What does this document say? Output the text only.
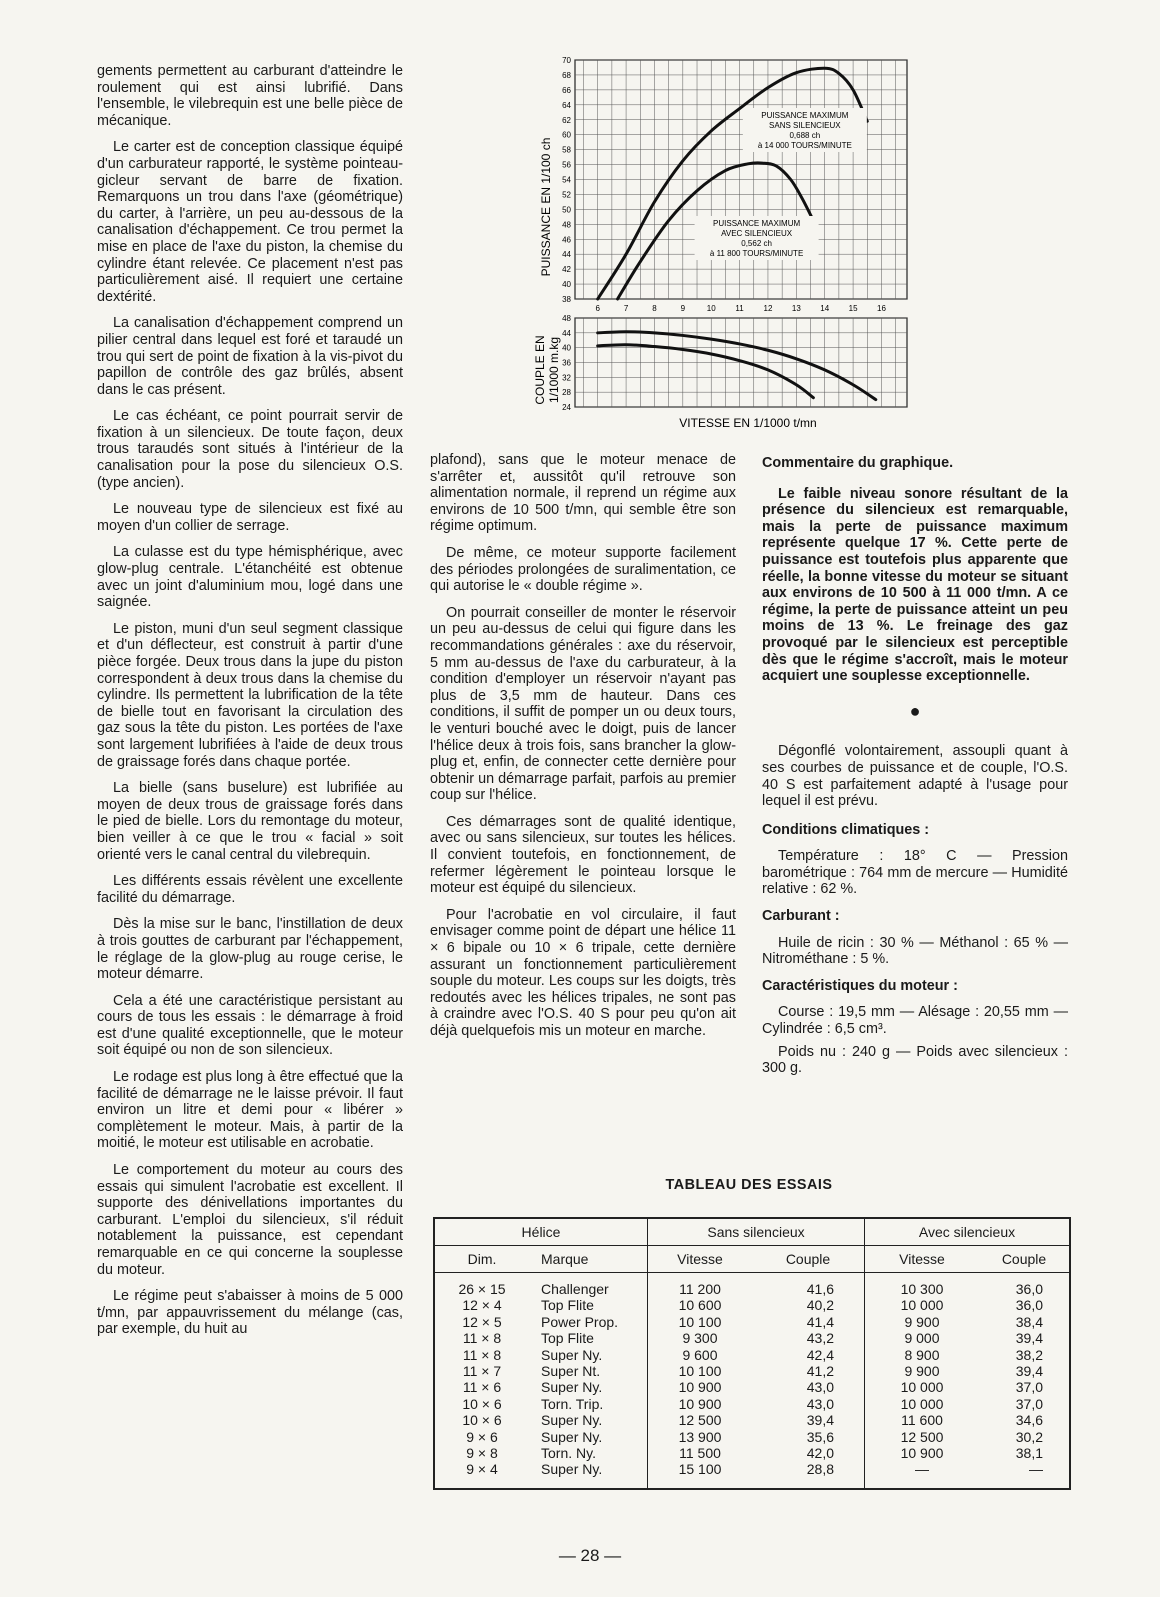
gements permettent au carburant d'atteindre le roulement qui est ainsi lubrifié. Dans l'ensemble, le vilebrequin est une belle pièce de mécanique.

Le carter est de conception classique équipé d'un carburateur rapporté, le système pointeau-gicleur servant de barre de fixation. Remarquons un trou dans l'axe (géométrique) du carter, à l'arrière, un peu au-dessous de la canalisation d'échappement. Ce trou permet la mise en place de l'axe du piston, la chemise du cylindre étant relevée. Ce placement n'est pas particulièrement aisé. Il requiert une certaine dextérité.

La canalisation d'échappement comprend un pilier central dans lequel est foré et taraudé un trou qui sert de point de fixation à la vis-pivot du papillon de contrôle des gaz brûlés, absent dans le cas présent.

Le cas échéant, ce point pourrait servir de fixation à un silencieux. De toute façon, deux trous taraudés sont situés à l'intérieur de la canalisation pour la pose du silencieux O.S. (type ancien).

Le nouveau type de silencieux est fixé au moyen d'un collier de serrage.

La culasse est du type hémisphérique, avec glow-plug centrale. L'étanchéité est obtenue avec un joint d'aluminium mou, logé dans une saignée.

Le piston, muni d'un seul segment classique et d'un déflecteur, est construit à partir d'une pièce forgée. Deux trous dans la jupe du piston correspondent à deux trous dans la chemise du cylindre. Ils permettent la lubrification de la tête de bielle tout en favorisant la circulation des gaz sous la tête du piston. Les portées de l'axe sont largement lubrifiées à l'aide de deux trous de graissage forés dans chaque portée.

La bielle (sans buselure) est lubrifiée au moyen de deux trous de graissage forés dans le pied de bielle. Lors du remontage du moteur, bien veiller à ce que le trou « facial » soit orienté vers le canal central du vilebrequin.

Les différents essais révèlent une excellente facilité du démarrage.

Dès la mise sur le banc, l'instillation de deux à trois gouttes de carburant par l'échappement, le réglage de la glow-plug au rouge cerise, le moteur démarre.

Cela a été une caractéristique persistant au cours de tous les essais : le démarrage à froid est d'une qualité exceptionnelle, que le moteur soit équipé ou non de son silencieux.

Le rodage est plus long à être effectué que la facilité de démarrage ne le laisse prévoir. Il faut environ un litre et demi pour « libérer » complètement le moteur. Mais, à partir de la moitié, le moteur est utilisable en acrobatie.

Le comportement du moteur au cours des essais qui simulent l'acrobatie est excellent. Il supporte des dénivellations importantes du carburant. L'emploi du silencieux, s'il réduit notablement la puissance, est cependant remarquable en ce qui concerne la souplesse du moteur.

Le régime peut s'abaisser à moins de 5 000 t/mn, par appauvrissement du mélange (cas, par exemple, du huit au

38
40
42
44
46
48
50
52
54
56
58
60
62
64
66
68
70
24
28
32
36
40
44
48
6	7	8	9	10 11 12 13 14 15 16
PUISSANCE MAXIMUM
SANS SILENCIEUX
0,688 ch
à 14 000 TOURS/MINUTE
PUISSANCE MAXIMUM
AVEC SILENCIEUX
0,562 ch
à 11 800 TOURS/MINUTE
PUISSANCE EN 1/100 ch
COUPLE EN 1/1000 m.kg
VITESSE EN 1/1000 t/mn

plafond), sans que le moteur menace de s'arrêter et, aussitôt qu'il retrouve son alimentation normale, il reprend un régime aux environs de 10 500 t/mn, qui semble être son régime optimum.

De même, ce moteur supporte facilement des périodes prolongées de suralimentation, ce qui autorise le « double régime ».

On pourrait conseiller de monter le réservoir un peu au-dessus de celui qui figure dans les recommandations générales : axe du réservoir, 5 mm au-dessus de l'axe du carburateur, à la condition d'employer un réservoir n'ayant pas plus de 3,5 mm de hauteur. Dans ces conditions, il suffit de pomper un ou deux tours, le venturi bouché avec le doigt, puis de lancer l'hélice deux à trois fois, sans brancher la glow-plug et, enfin, de connecter cette dernière pour obtenir un démarrage parfait, parfois au premier coup sur l'hélice.

Ces démarrages sont de qualité identique, avec ou sans silencieux, sur toutes les hélices. Il convient toutefois, en fonctionnement, de refermer légèrement le pointeau lorsque le moteur est équipé du silencieux.

Pour l'acrobatie en vol circulaire, il faut envisager comme point de départ une hélice 11 × 6 bipale ou 10 × 6 tripale, cette dernière assurant un fonctionnement particulièrement souple du moteur. Les coups sur les doigts, très redoutés avec les hélices tripales, ne sont pas à craindre avec l'O.S. 40 S pour peu qu'on ait déjà quelquefois mis un moteur en marche.

Commentaire du graphique.

Le faible niveau sonore résultant de la présence du silencieux est remarquable, mais la perte de puissance maximum représente quelque 17 %. Cette perte de puissance est toutefois plus apparente que réelle, la bonne vitesse du moteur se situant aux environs de 10 500 à 11 000 t/mn. A ce régime, la perte de puissance atteint un peu moins de 13 %. Le freinage des gaz provoqué par le silencieux est perceptible dès que le régime s'accroît, mais le moteur acquiert une souplesse exceptionnelle.

●

Dégonflé volontairement, assoupli quant à ses courbes de puissance et de couple, l'O.S. 40 S est parfaitement adapté à l'usage pour lequel il est prévu.

Conditions climatiques :

Température : 18° C — Pression barométrique : 764 mm de mercure — Humidité relative : 62 %.

Carburant :

Huile de ricin : 30 % — Méthanol : 65 % — Nitrométhane : 5 %.

Caractéristiques du moteur :

Course : 19,5 mm — Alésage : 20,55 mm — Cylindrée : 6,5 cm³.

Poids nu : 240 g — Poids avec silencieux : 300 g.

TABLEAU DES ESSAIS
Hélice		Sans silencieux		Avec silencieux	
Dim.	Marque	Vitesse	Couple	Vitesse	Couple
26 × 15	Challenger	11 200	41,6	10 300	36,0
12 × 4	Top Flite	10 600	40,2	10 000	36,0
12 × 5	Power Prop.	10 100	41,4	9 900	38,4
11 × 8	Top Flite	9 300	43,2	9 000	39,4
11 × 8	Super Ny.	9 600	42,4	8 900	38,2
11 × 7	Super Nt.	10 100	41,2	9 900	39,4
11 × 6	Super Ny.	10 900	43,0	10 000	37,0
10 × 6	Torn. Trip.	10 900	43,0	10 000	37,0
10 × 6	Super Ny.	12 500	39,4	11 600	34,6
9 × 6	Super Ny.	13 900	35,6	12 500	30,2
9 × 8	Torn. Ny.	11 500	42,0	10 900	38,1
9 × 4	Super Ny.	15 100	28,8	—	—
— 28 —
